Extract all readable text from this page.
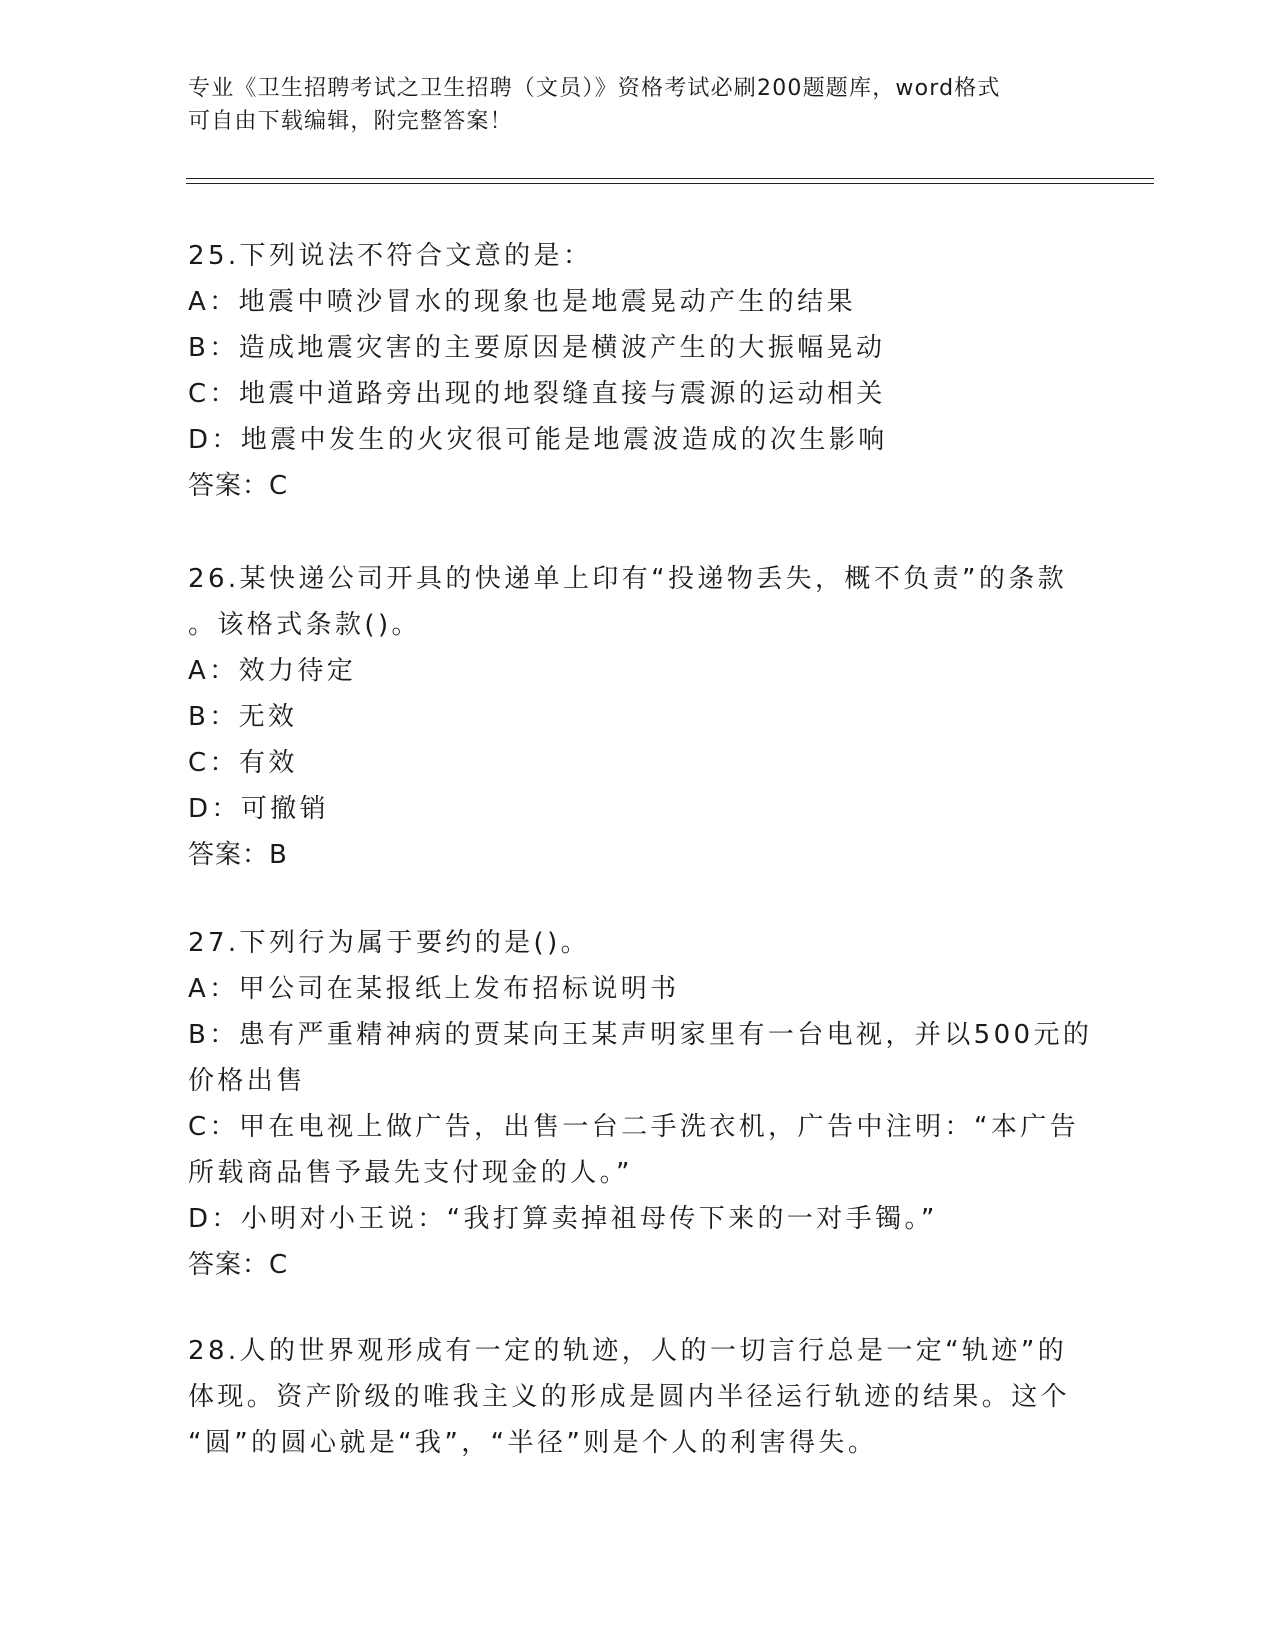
专业《卫生招聘考试之卫生招聘（文员）》资格考试必刷200题题库，word格式
可自由下载编辑，附完整答案！
25.下列说法不符合文意的是：
A：地震中喷沙冒水的现象也是地震晃动产生的结果
B：造成地震灾害的主要原因是横波产生的大振幅晃动
C：地震中道路旁出现的地裂缝直接与震源的运动相关
D：地震中发生的火灾很可能是地震波造成的次生影响
答案：C
26.某快递公司开具的快递单上印有“投递物丢失，概不负责”的条款
。该格式条款()。
A：效力待定
B：无效
C：有效
D：可撤销
答案：B
27.下列行为属于要约的是()。
A：甲公司在某报纸上发布招标说明书
B：患有严重精神病的贾某向王某声明家里有一台电视，并以500元的
价格出售
C：甲在电视上做广告，出售一台二手洗衣机，广告中注明：“本广告
所载商品售予最先支付现金的人。”
D：小明对小王说：“我打算卖掉祖母传下来的一对手镯。”
答案：C
28.人的世界观形成有一定的轨迹，人的一切言行总是一定“轨迹”的
体现。资产阶级的唯我主义的形成是圆内半径运行轨迹的结果。这个
“圆”的圆心就是“我”，“半径”则是个人的利害得失。
